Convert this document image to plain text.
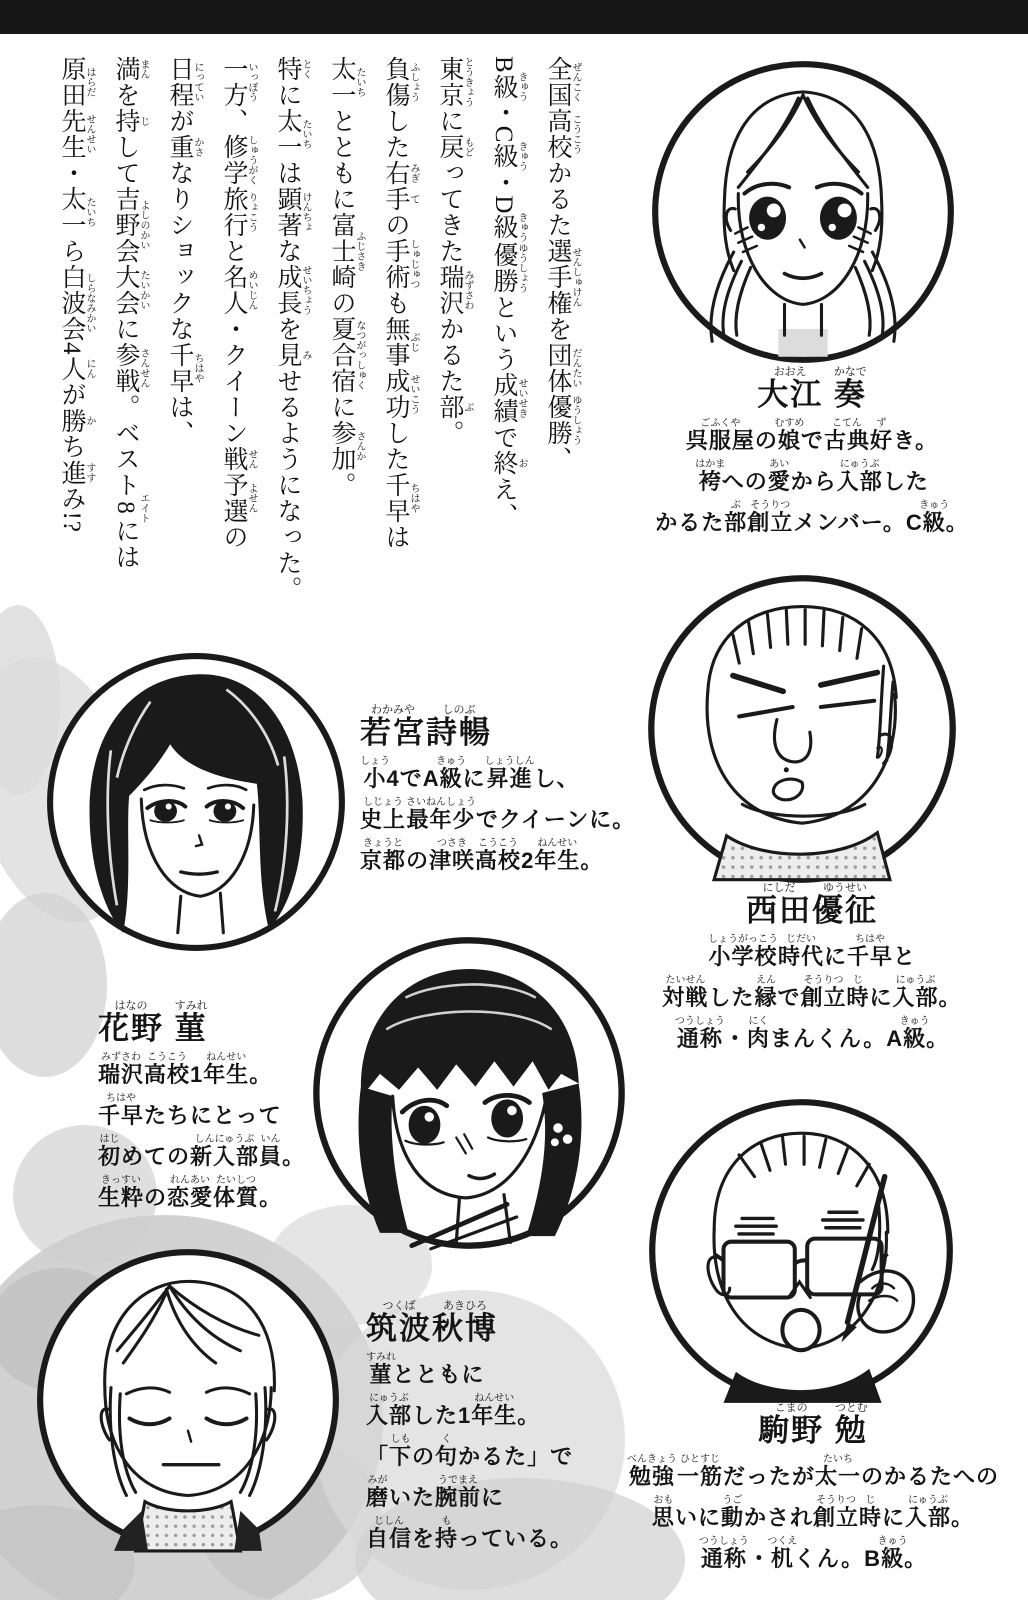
全国 ぜんこく高校 こうこうかるた選手権 せんしゅけんを団体 だんたい優勝 ゆうしょう、
B級 きゅう・C級 きゅう・D級 きゅう優勝 ゆうしょうという成績 せいせきで終 おえ、
東京 とうきょうに戻 もどってきた瑞沢 みずさわかるた部 ぶ。
負傷 ふしょうした右 みぎ手 ての手術 しゅじゅつも無事 ぶじ成功 せいこうした千早 ちはやは
太一 たいちとともに富士崎 ふじさきの夏合宿 なつがっしゅくに参加 さんか。
特 とくに太一 たいちは顕著 けんちょな成長 せいちょうを見 みせるようになった。
一方 いっぽう、修学 しゅうがく旅行 りょこうと名人 めいじん・クイーン戦 せん予選 よせんの
日程 にっていが重 かさなりショックな千早 ちはやは、
満 まんを持 じして吉野会 よしのかい大会 たいかいに参戦 さんせん。ベスト8 エイトには
原田 はらだ先生 せんせい・太一 たいちら白波会 しらなみかい4人 にんが勝 かち進 すすみ!?
大江おおえ 奏かなで
呉服屋ごふくやの娘むすめで古典こてん好ずき。
袴はかまへの愛あいから入部にゅうぶした
かるた部ぶ創立そうりつメンバー。C級きゅう。
若宮わかみや詩暢しのぶ
小しょう4でA級きゅうに昇進しょうしんし、
史上しじょう最年少さいねんしょうでクイーンに。
京都きょうとの津咲つさき高校こうこう2年生ねんせい。
西田にしだ優征ゆうせい
小学校しょうがっこう時代じだいに千早ちはやと
対戦たいせんした縁えんで創立そうりつ時じに入部にゅうぶ。
通称つうしょう・肉にくまんくん。A級きゅう。
花野はなの 菫すみれ
瑞沢みずさわ高校こうこう1年生ねんせい。
千早ちはやたちにとって
初はじめての新入部しんにゅうぶ員いん。
生粋きっすいの恋愛れんあい体質たいしつ。
筑波つくば秋博あきひろ
菫すみれとともに
入部にゅうぶした1年生ねんせい。
「下しもの句くかるた」で
磨みがいた腕前うでまえに
自信じしんを持もっている。
駒野こまの 勉つとむ
勉強べんきょう一筋ひとすじだったが太一たいちのかるたへの
思おもいに動うごかされ創立そうりつ時じに入部にゅうぶ。
通称つうしょう・机つくえくん。B級きゅう。
